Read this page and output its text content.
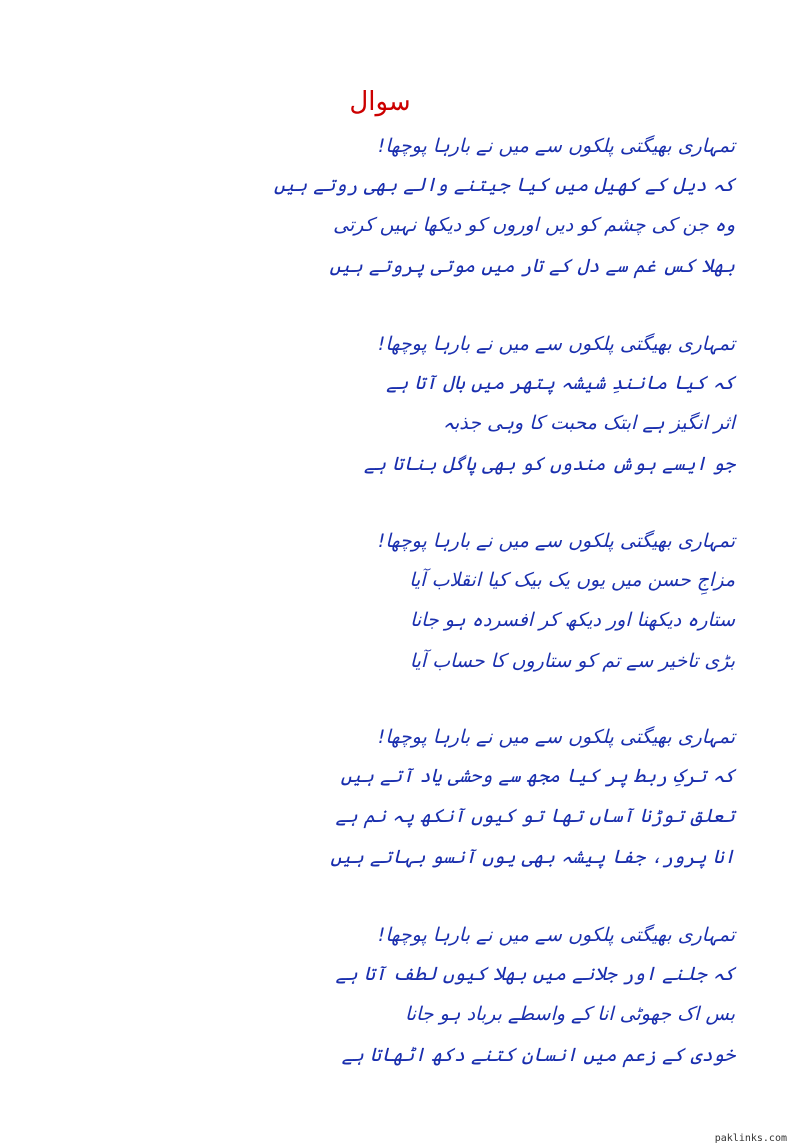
سوال
تمہاری بھیگتی پلکوں سے میں نے بارہا پوچھا!
کہ دیل کے کھیل میں کیا جیتنے والے بھی روتے ہیں
وہ جن کی چشم کو دیں اوروں کو دیکھا نہیں کرتی
بھلا کس غم سے دل کے تار میں موتی پروتے ہیں
تمہاری بھیگتی پلکوں سے میں نے بارہا پوچھا!
کہ کیا مانندِ شیشہ پتھر میں بال آتا ہے
اثر انگیز ہے ابتک محبت کا وہی جذبہ
جو ایسے ہوش مندوں کو بھی پاگل بناتا ہے
تمہاری بھیگتی پلکوں سے میں نے بارہا پوچھا!
مزاجِ حسن میں یوں یک بیک کیا انقلاب آیا
ستارہ دیکھنا اور دیکھ کر افسردہ ہو جانا
بڑی تاخیر سے تم کو ستاروں کا حساب آیا
تمہاری بھیگتی پلکوں سے میں نے بارہا پوچھا!
کہ ترکِ ربط پر کیا مجھ سے وحشی یاد آتے ہیں
تعلق توڑنا آساں تھا تو کیوں آنکھ پہ نم ہے
انا پرور، جفا پیشہ بھی یوں آنسو بہاتے ہیں
تمہاری بھیگتی پلکوں سے میں نے بارہا پوچھا!
کہ جلنے اور جلانے میں بھلا کیوں لطف آتا ہے
بس اک جھوٹی انا کے واسطے برباد ہو جانا
خودی کے زعم میں انسان کتنے دکھ اٹھاتا ہے
paklinks.com
